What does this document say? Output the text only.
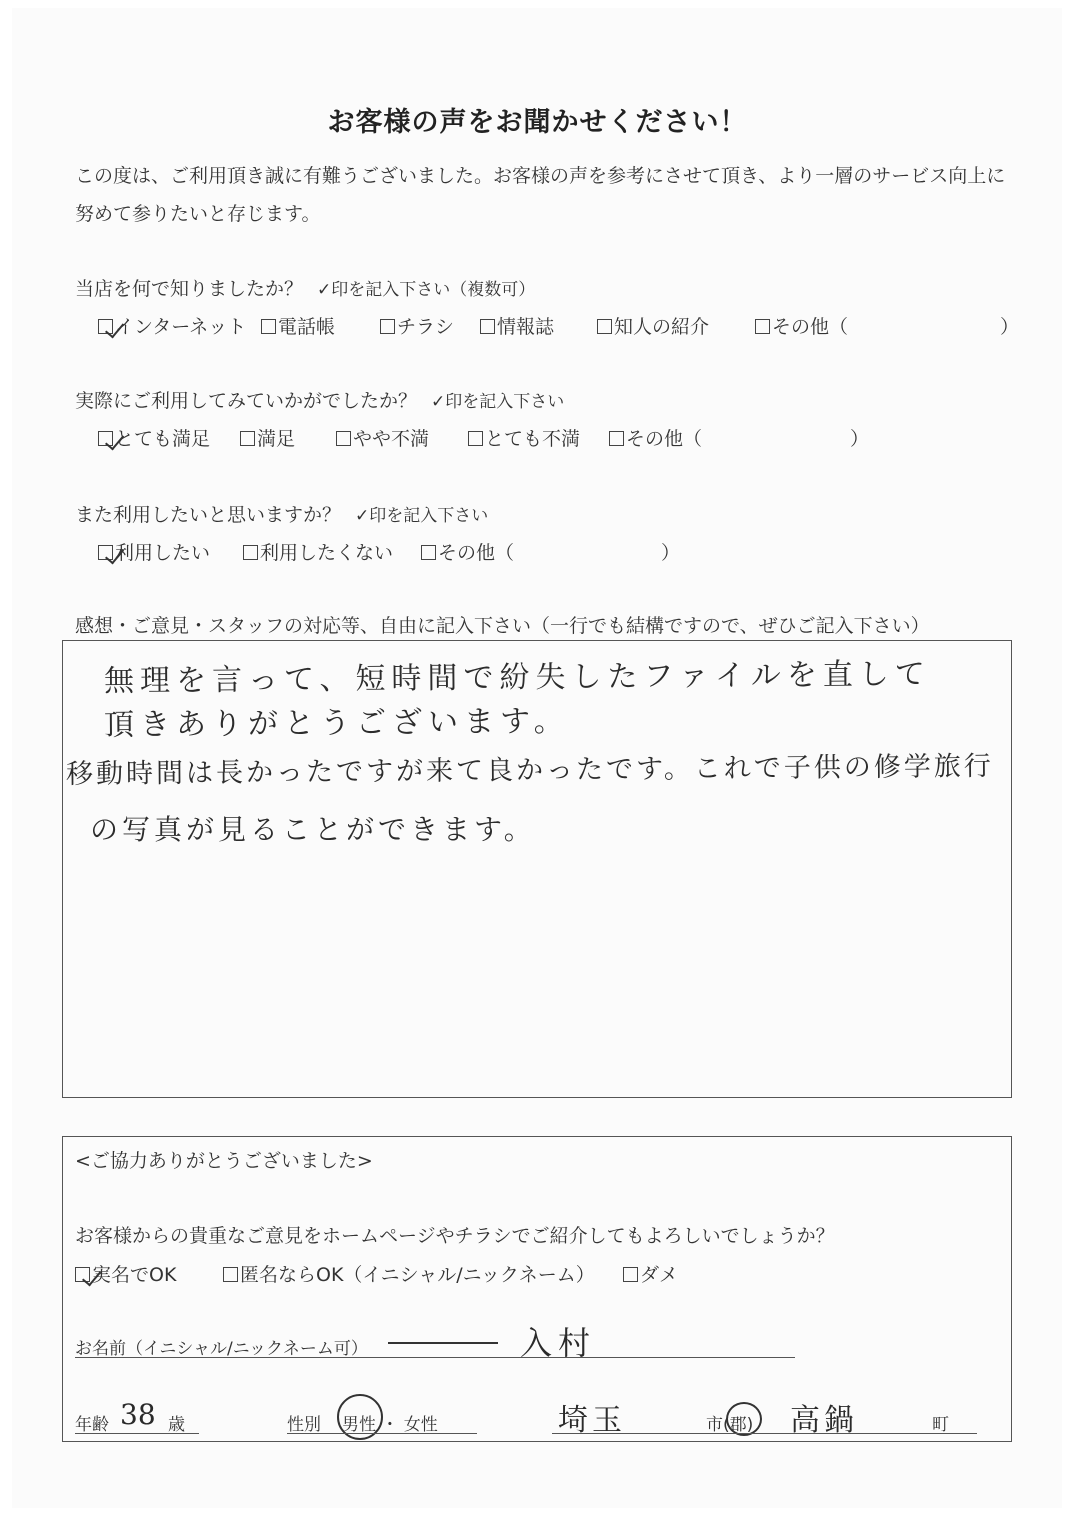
お客様の声をお聞かせください！
この度は、ご利用頂き誠に有難うございました。お客様の声を参考にさせて頂き、より一層のサービス向上に努めて参りたいと存じます。
当店を何で知りましたか？ ✓印を記入下さい（複数可）
インターネット	電話帳	チラシ	情報誌	知人の紹介	その他（	）
実際にご利用してみていかがでしたか？ ✓印を記入下さい
とても満足	満足	やや不満	とても不満	その他（	）
また利用したいと思いますか？ ✓印を記入下さい
利用したい	利用したくない	その他（	）
感想・ご意見・スタッフの対応等、自由に記入下さい（一行でも結構ですので、ぜひご記入下さい）
無理を言って、短時間で紛失したファイルを直して
頂きありがとうございます。
移動時間は長かったですが来て良かったです。これで子供の修学旅行
の写真が見ることができます。
<ご協力ありがとうございました>
お客様からの貴重なご意見をホームページやチラシでご紹介してもよろしいでしょうか？
実名でOK	匿名ならOK（イニシャル/ニックネーム）	ダメ
お名前（イニシャル/ニックネーム可）	入村
年齢 38 歳	性別 男性 ・ 女性	埼玉	市(郡) 高鍋	町
